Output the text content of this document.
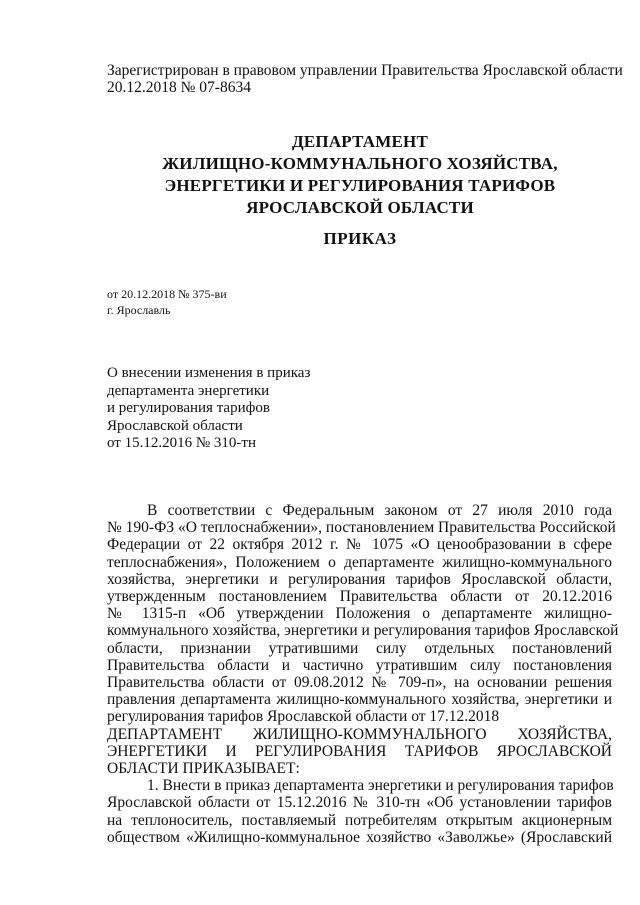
Зарегистрирован в правовом управлении Правительства Ярославской области
20.12.2018 № 07-8634
ДЕПАРТАМЕНТ
ЖИЛИЩНО-КОММУНАЛЬНОГО ХОЗЯЙСТВА,
ЭНЕРГЕТИКИ И РЕГУЛИРОВАНИЯ ТАРИФОВ
ЯРОСЛАВСКОЙ ОБЛАСТИ
ПРИКАЗ
от 20.12.2018 № 375-ви
г. Ярославль
О внесении изменения в приказ
департамента энергетики
и регулирования тарифов
Ярославской области
от 15.12.2016 № 310-тн
В соответствии с Федеральным законом от 27 июля 2010 года
№ 190-ФЗ «О теплоснабжении», постановлением Правительства Российской
Федерации от 22 октября 2012 г. № 1075 «О ценообразовании в сфере
теплоснабжения», Положением о департаменте жилищно-коммунального
хозяйства, энергетики и регулирования тарифов Ярославской области,
утвержденным постановлением Правительства области от 20.12.2016
№ 1315-п «Об утверждении Положения о департаменте жилищно-
коммунального хозяйства, энергетики и регулирования тарифов Ярославской
области, признании утратившими силу отдельных постановлений
Правительства области и частично утратившим силу постановления
Правительства области от 09.08.2012 № 709-п», на основании решения
правления департамента жилищно-коммунального хозяйства, энергетики и
регулирования тарифов Ярославской области от 17.12.2018
ДЕПАРТАМЕНТ ЖИЛИЩНО-КОММУНАЛЬНОГО ХОЗЯЙСТВА,
ЭНЕРГЕТИКИ И РЕГУЛИРОВАНИЯ ТАРИФОВ ЯРОСЛАВСКОЙ
ОБЛАСТИ ПРИКАЗЫВАЕТ:
1. Внести в приказ департамента энергетики и регулирования тарифов
Ярославской области от 15.12.2016 № 310-тн «Об установлении тарифов
на теплоноситель, поставляемый потребителям открытым акционерным
обществом «Жилищно-коммунальное хозяйство «Заволжье» (Ярославский
